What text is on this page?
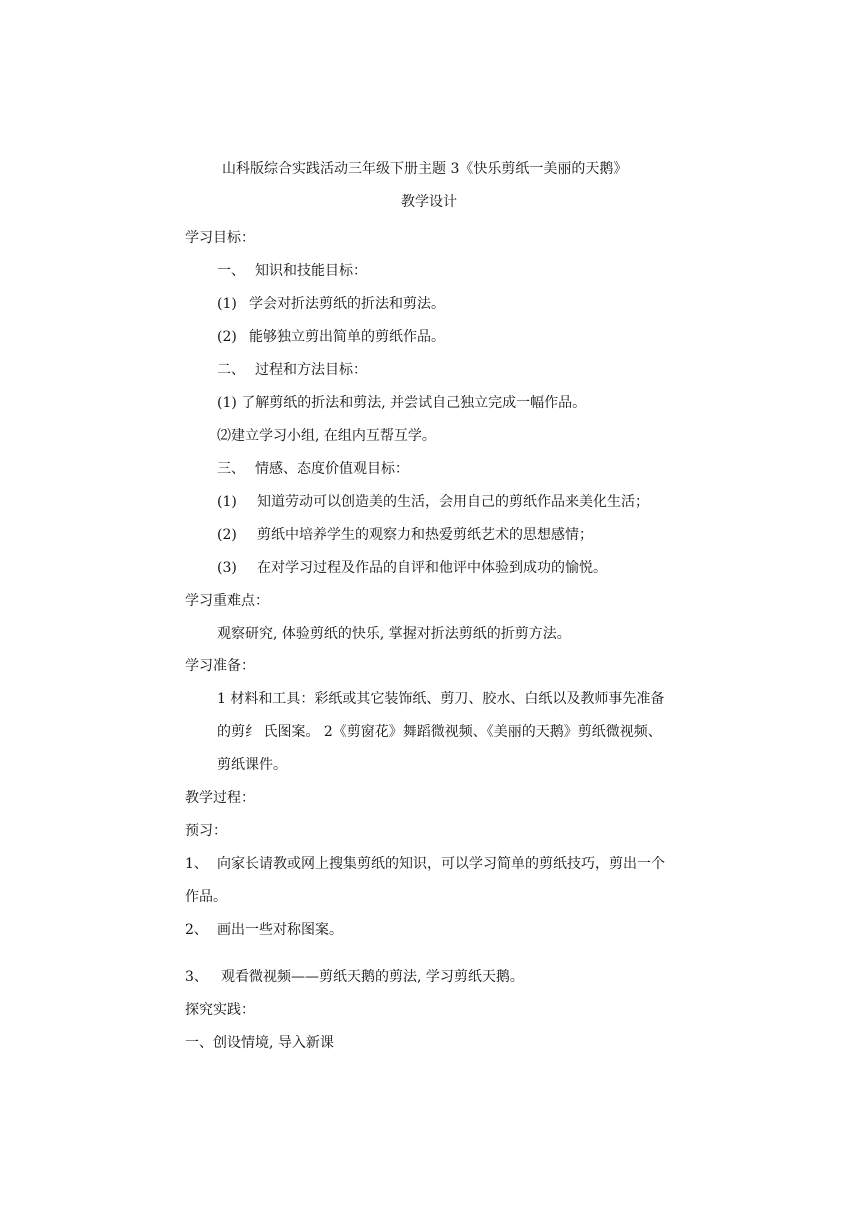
山科版综合实践活动三年级下册主题 3《快乐剪纸一美丽的天鹅》
教学设计
学习目标：
一、 知识和技能目标：
(1) 学会对折法剪纸的折法和剪法。
(2) 能够独立剪出简单的剪纸作品。
二、 过程和方法目标：
(1) 了解剪纸的折法和剪法, 并尝试自己独立完成一幅作品。
⑵建立学习小组, 在组内互帮互学。
三、 情感、态度价值观目标：
(1) 知道劳动可以创造美的生活，会用自己的剪纸作品来美化生活；
(2) 剪纸中培养学生的观察力和热爱剪纸艺术的思想感情；
(3) 在对学习过程及作品的自评和他评中体验到成功的愉悦。
学习重难点：
观察研究, 体验剪纸的快乐, 掌握对折法剪纸的折剪方法。
学习准备：
1 材料和工具：彩纸或其它装饰纸、剪刀、胶水、白纸以及教师事先准备
的剪纟 氏图案。 2《剪窗花》舞蹈微视频、《美丽的天鹅》剪纸微视频、
剪纸课件。
教学过程：
预习：
1、 向家长请教或网上搜集剪纸的知识，可以学习简单的剪纸技巧，剪出一个
作品。
2、 画出一些对称图案。
3、 观看微视频——剪纸天鹅的剪法, 学习剪纸天鹅。
探究实践：
一、创设情境, 导入新课
